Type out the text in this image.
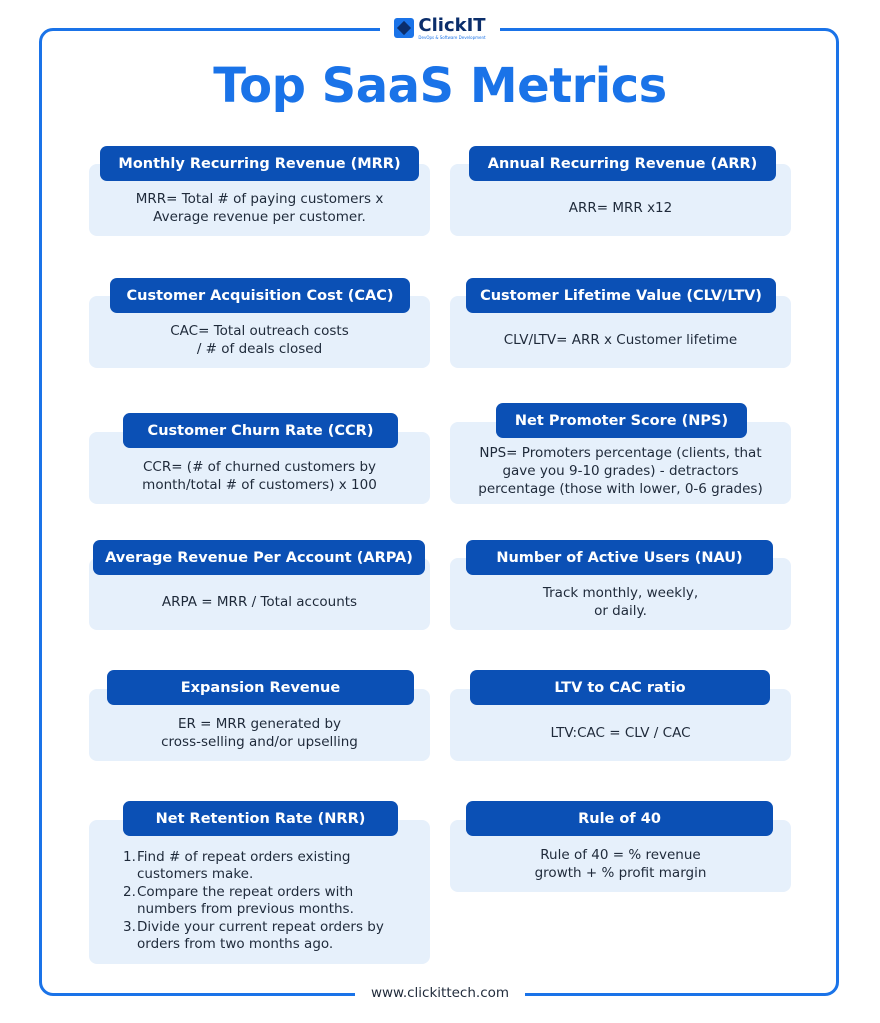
ClickIT
DevOps & Software Development
Top SaaS Metrics
MRR= Total # of paying customers x
Average revenue per customer.
Monthly Recurring Revenue (MRR)
ARR= MRR x12
Annual Recurring Revenue (ARR)
CAC= Total outreach costs
/ # of deals closed
Customer Acquisition Cost (CAC)
CLV/LTV= ARR x Customer lifetime
Customer Lifetime Value (CLV/LTV)
CCR= (# of churned customers by
month/total # of customers) x 100
Customer Churn Rate (CCR)
NPS= Promoters percentage (clients, that
gave you 9-10 grades) - detractors
percentage (those with lower, 0-6 grades)
Net Promoter Score (NPS)
ARPA = MRR / Total accounts
Average Revenue Per Account (ARPA)
Track monthly, weekly,
or daily.
Number of Active Users (NAU)
ER = MRR generated by
cross-selling and/or upselling
Expansion Revenue
LTV:CAC = CLV / CAC
LTV to CAC ratio
1. Find # of repeat orders existing customers make.
2. Compare the repeat orders with numbers from previous months.
3. Divide your current repeat orders by orders from two months ago.
Net Retention Rate (NRR)
Rule of 40 = % revenue
growth + % profit margin
Rule of 40
www.clickittech.com
